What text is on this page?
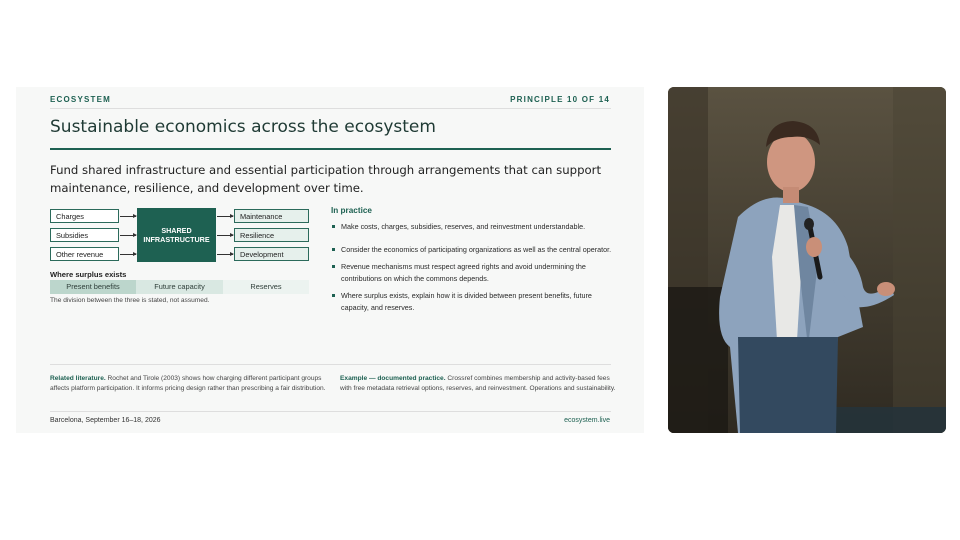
ECOSYSTEM	PRINCIPLE 10 OF 14
Sustainable economics across the ecosystem
Fund shared infrastructure and essential participation through arrangements that can support maintenance, resilience, and development over time.
Charges
Subsidies
Other revenue
SHARED
INFRASTRUCTURE
Maintenance
Resilience
Development
Where surplus exists
Present benefits	Future capacity	Reserves
The division between the three is stated, not assumed.
In practice
Make costs, charges, subsidies, reserves, and reinvestment understandable.
Consider the economics of participating organizations as well as the central operator.
Revenue mechanisms must respect agreed rights and avoid undermining the contributions on which the commons depends.
Where surplus exists, explain how it is divided between present benefits, future capacity, and reserves.
Related literature. Rochet and Tirole (2003) shows how charging different participant groups affects platform participation. It informs pricing design rather than prescribing a fair distribution.
Example — documented practice. Crossref combines membership and activity-based fees with free metadata retrieval options, reserves, and reinvestment. Operations and sustainability.
Barcelona, September 16–18, 2026	ecosystem.live
